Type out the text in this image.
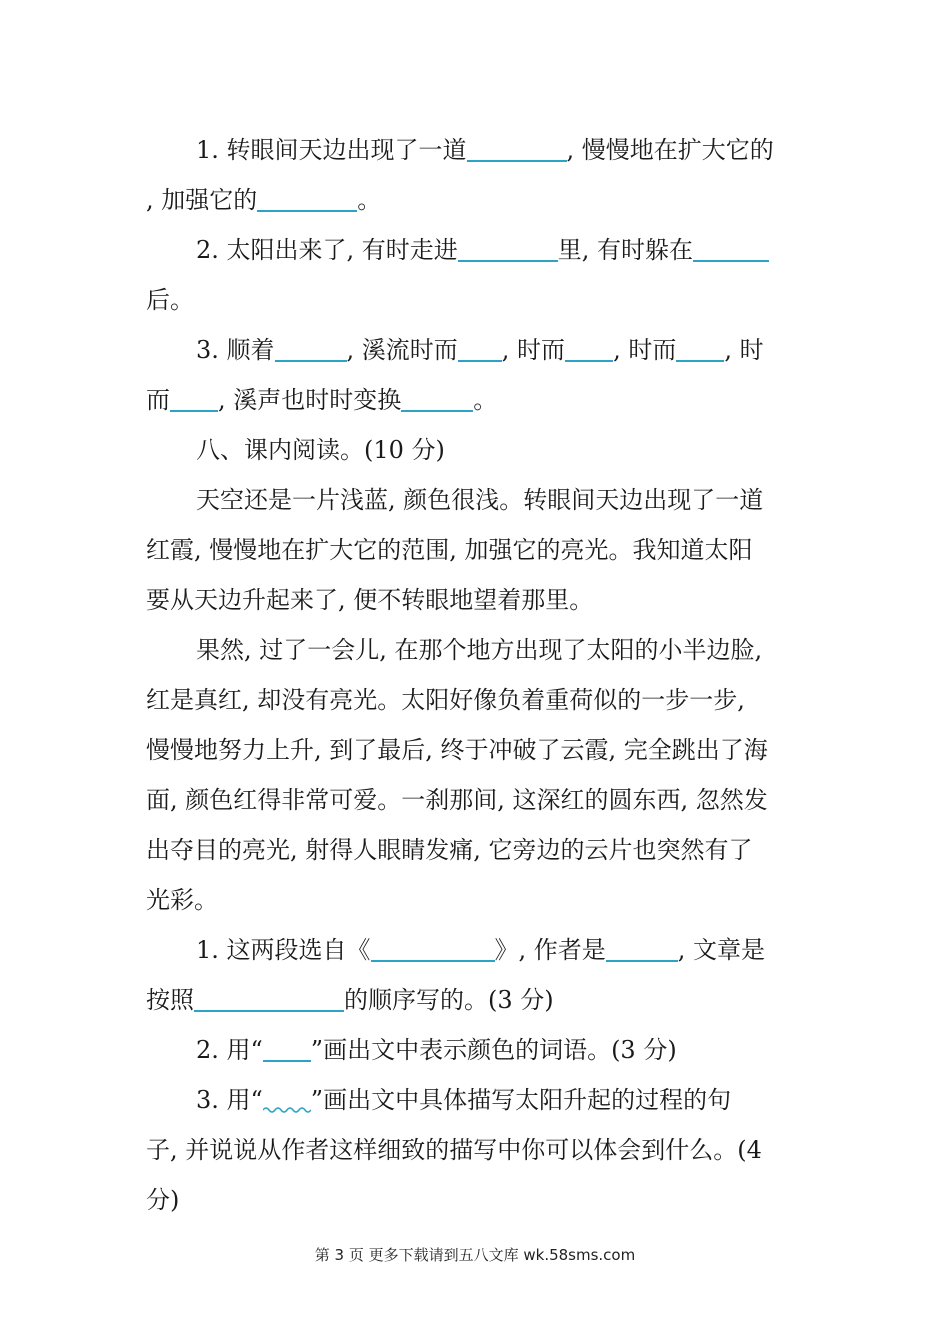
1. 转眼间天边出现了一道	, 慢慢地在扩大它的
, 加强它的	。
2. 太阳出来了, 有时走进	里, 有时躲在
后。
3. 顺着	, 溪流时而 , 时而 , 时而 , 时
而 , 溪声也时时变换	。
八、课内阅读。(10 分)
天空还是一片浅蓝, 颜色很浅。转眼间天边出现了一道
红霞, 慢慢地在扩大它的范围, 加强它的亮光。我知道太阳
要从天边升起来了, 便不转眼地望着那里。
果然, 过了一会儿, 在那个地方出现了太阳的小半边脸,
红是真红, 却没有亮光。太阳好像负着重荷似的一步一步,
慢慢地努力上升, 到了最后, 终于冲破了云霞, 完全跳出了海
面, 颜色红得非常可爱。一刹那间, 这深红的圆东西, 忽然发
出夺目的亮光, 射得人眼睛发痛, 它旁边的云片也突然有了
光彩。
1. 这两段选自《	》, 作者是	, 文章是
按照	的顺序写的。(3 分)
2. 用“ ”画出文中表示颜色的词语。(3 分)
3. 用“ ”画出文中具体描写太阳升起的过程的句
子, 并说说从作者这样细致的描写中你可以体会到什么。(4
分)
第 3 页 更多下载请到五八文库 wk.58sms.com
